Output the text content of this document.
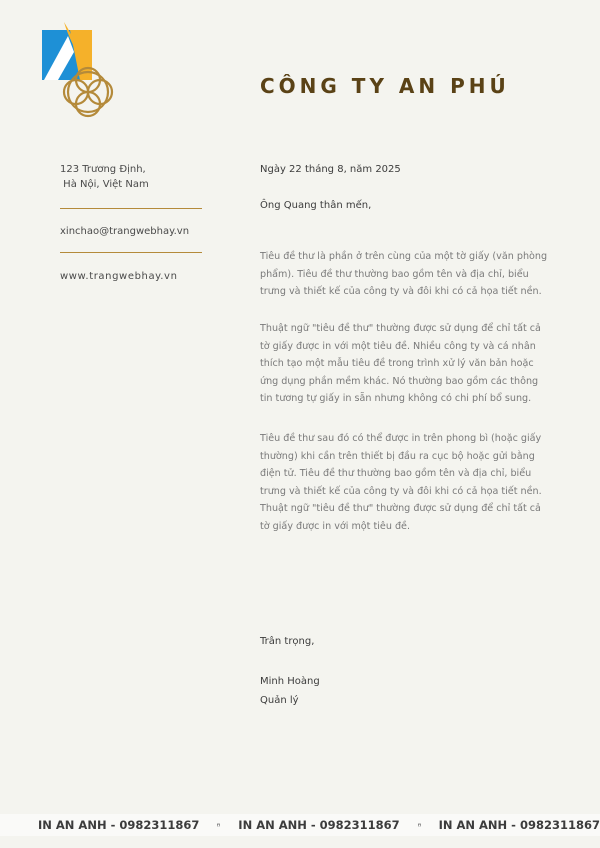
CÔNG TY AN PHÚ
123 Trương Định,
Hà Nội, Việt Nam
xinchao@trangwebhay.vn
www.trangwebhay.vn
Ngày 22 tháng 8, năm 2025
Ông Quang thân mến,
Tiêu đề thư là phần ở trên cùng của một tờ giấy (văn phòng phẩm). Tiêu đề thư thường bao gồm tên và địa chỉ, biểu trưng và thiết kế của công ty và đôi khi có cả họa tiết nền.
Thuật ngữ "tiêu đề thư" thường được sử dụng để chỉ tất cả tờ giấy được in với một tiêu đề. Nhiều công ty và cá nhân thích tạo một mẫu tiêu đề trong trình xử lý văn bản hoặc ứng dụng phần mềm khác. Nó thường bao gồm các thông tin tương tự giấy in sẵn nhưng không có chi phí bổ sung.
Tiêu đề thư sau đó có thể được in trên phong bì (hoặc giấy thường) khi cần trên thiết bị đầu ra cục bộ hoặc gửi bằng điện tử. Tiêu đề thư thường bao gồm tên và địa chỉ, biểu trưng và thiết kế của công ty và đôi khi có cả họa tiết nền. Thuật ngữ "tiêu đề thư" thường được sử dụng để chỉ tất cả tờ giấy được in với một tiêu đề.
Trân trọng,
Minh Hoàng
Quản lý
IN AN ANH - 0982311867	IN AN ANH - 0982311867	IN AN ANH - 0982311867
